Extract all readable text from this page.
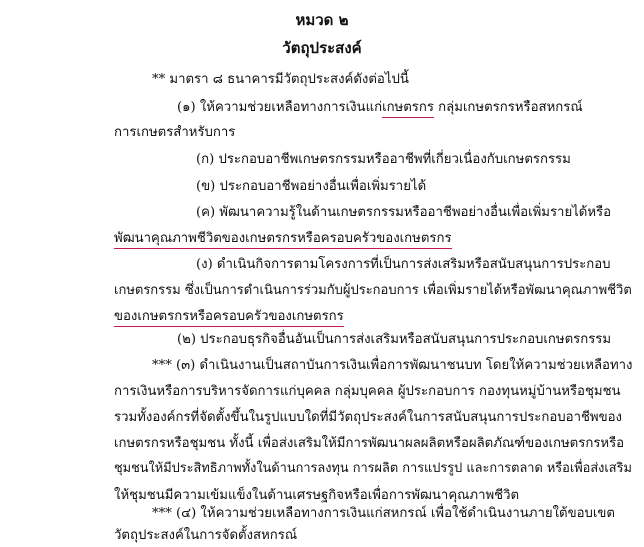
หมวด ๒
วัตถุประสงค์
** มาตรา ๘ ธนาคารมีวัตถุประสงค์ดังต่อไปนี้
(๑) ให้ความช่วยเหลือทางการเงินแก่เกษตรกร กลุ่มเกษตรกรหรือสหกรณ์
การเกษตรสำหรับการ
(ก) ประกอบอาชีพเกษตรกรรมหรืออาชีพที่เกี่ยวเนื่องกับเกษตรกรรม
(ข) ประกอบอาชีพอย่างอื่นเพื่อเพิ่มรายได้
(ค) พัฒนาความรู้ในด้านเกษตรกรรมหรืออาชีพอย่างอื่นเพื่อเพิ่มรายได้หรือ
พัฒนาคุณภาพชีวิตของเกษตรกรหรือครอบครัวของเกษตรกร
(ง) ดำเนินกิจการตามโครงการที่เป็นการส่งเสริมหรือสนับสนุนการประกอบ
เกษตรกรรม ซึ่งเป็นการดำเนินการร่วมกับผู้ประกอบการ เพื่อเพิ่มรายได้หรือพัฒนาคุณภาพชีวิต
ของเกษตรกรหรือครอบครัวของเกษตรกร
(๒) ประกอบธุรกิจอื่นอันเป็นการส่งเสริมหรือสนับสนุนการประกอบเกษตรกรรม
*** (๓) ดำเนินงานเป็นสถาบันการเงินเพื่อการพัฒนาชนบท โดยให้ความช่วยเหลือทาง
การเงินหรือการบริหารจัดการแก่บุคคล กลุ่มบุคคล ผู้ประกอบการ กองทุนหมู่บ้านหรือชุมชน
รวมทั้งองค์กรที่จัดตั้งขึ้นในรูปแบบใดที่มีวัตถุประสงค์ในการสนับสนุนการประกอบอาชีพของ
เกษตรกรหรือชุมชน ทั้งนี้ เพื่อส่งเสริมให้มีการพัฒนาผลผลิตหรือผลิตภัณฑ์ของเกษตรกรหรือ
ชุมชนให้มีประสิทธิภาพทั้งในด้านการลงทุน การผลิต การแปรรูป และการตลาด หรือเพื่อส่งเสริม
ให้ชุมชนมีความเข้มแข็งในด้านเศรษฐกิจหรือเพื่อการพัฒนาคุณภาพชีวิต
*** (๔) ให้ความช่วยเหลือทางการเงินแก่สหกรณ์ เพื่อใช้ดำเนินงานภายใต้ขอบเขต
วัตถุประสงค์ในการจัดตั้งสหกรณ์
